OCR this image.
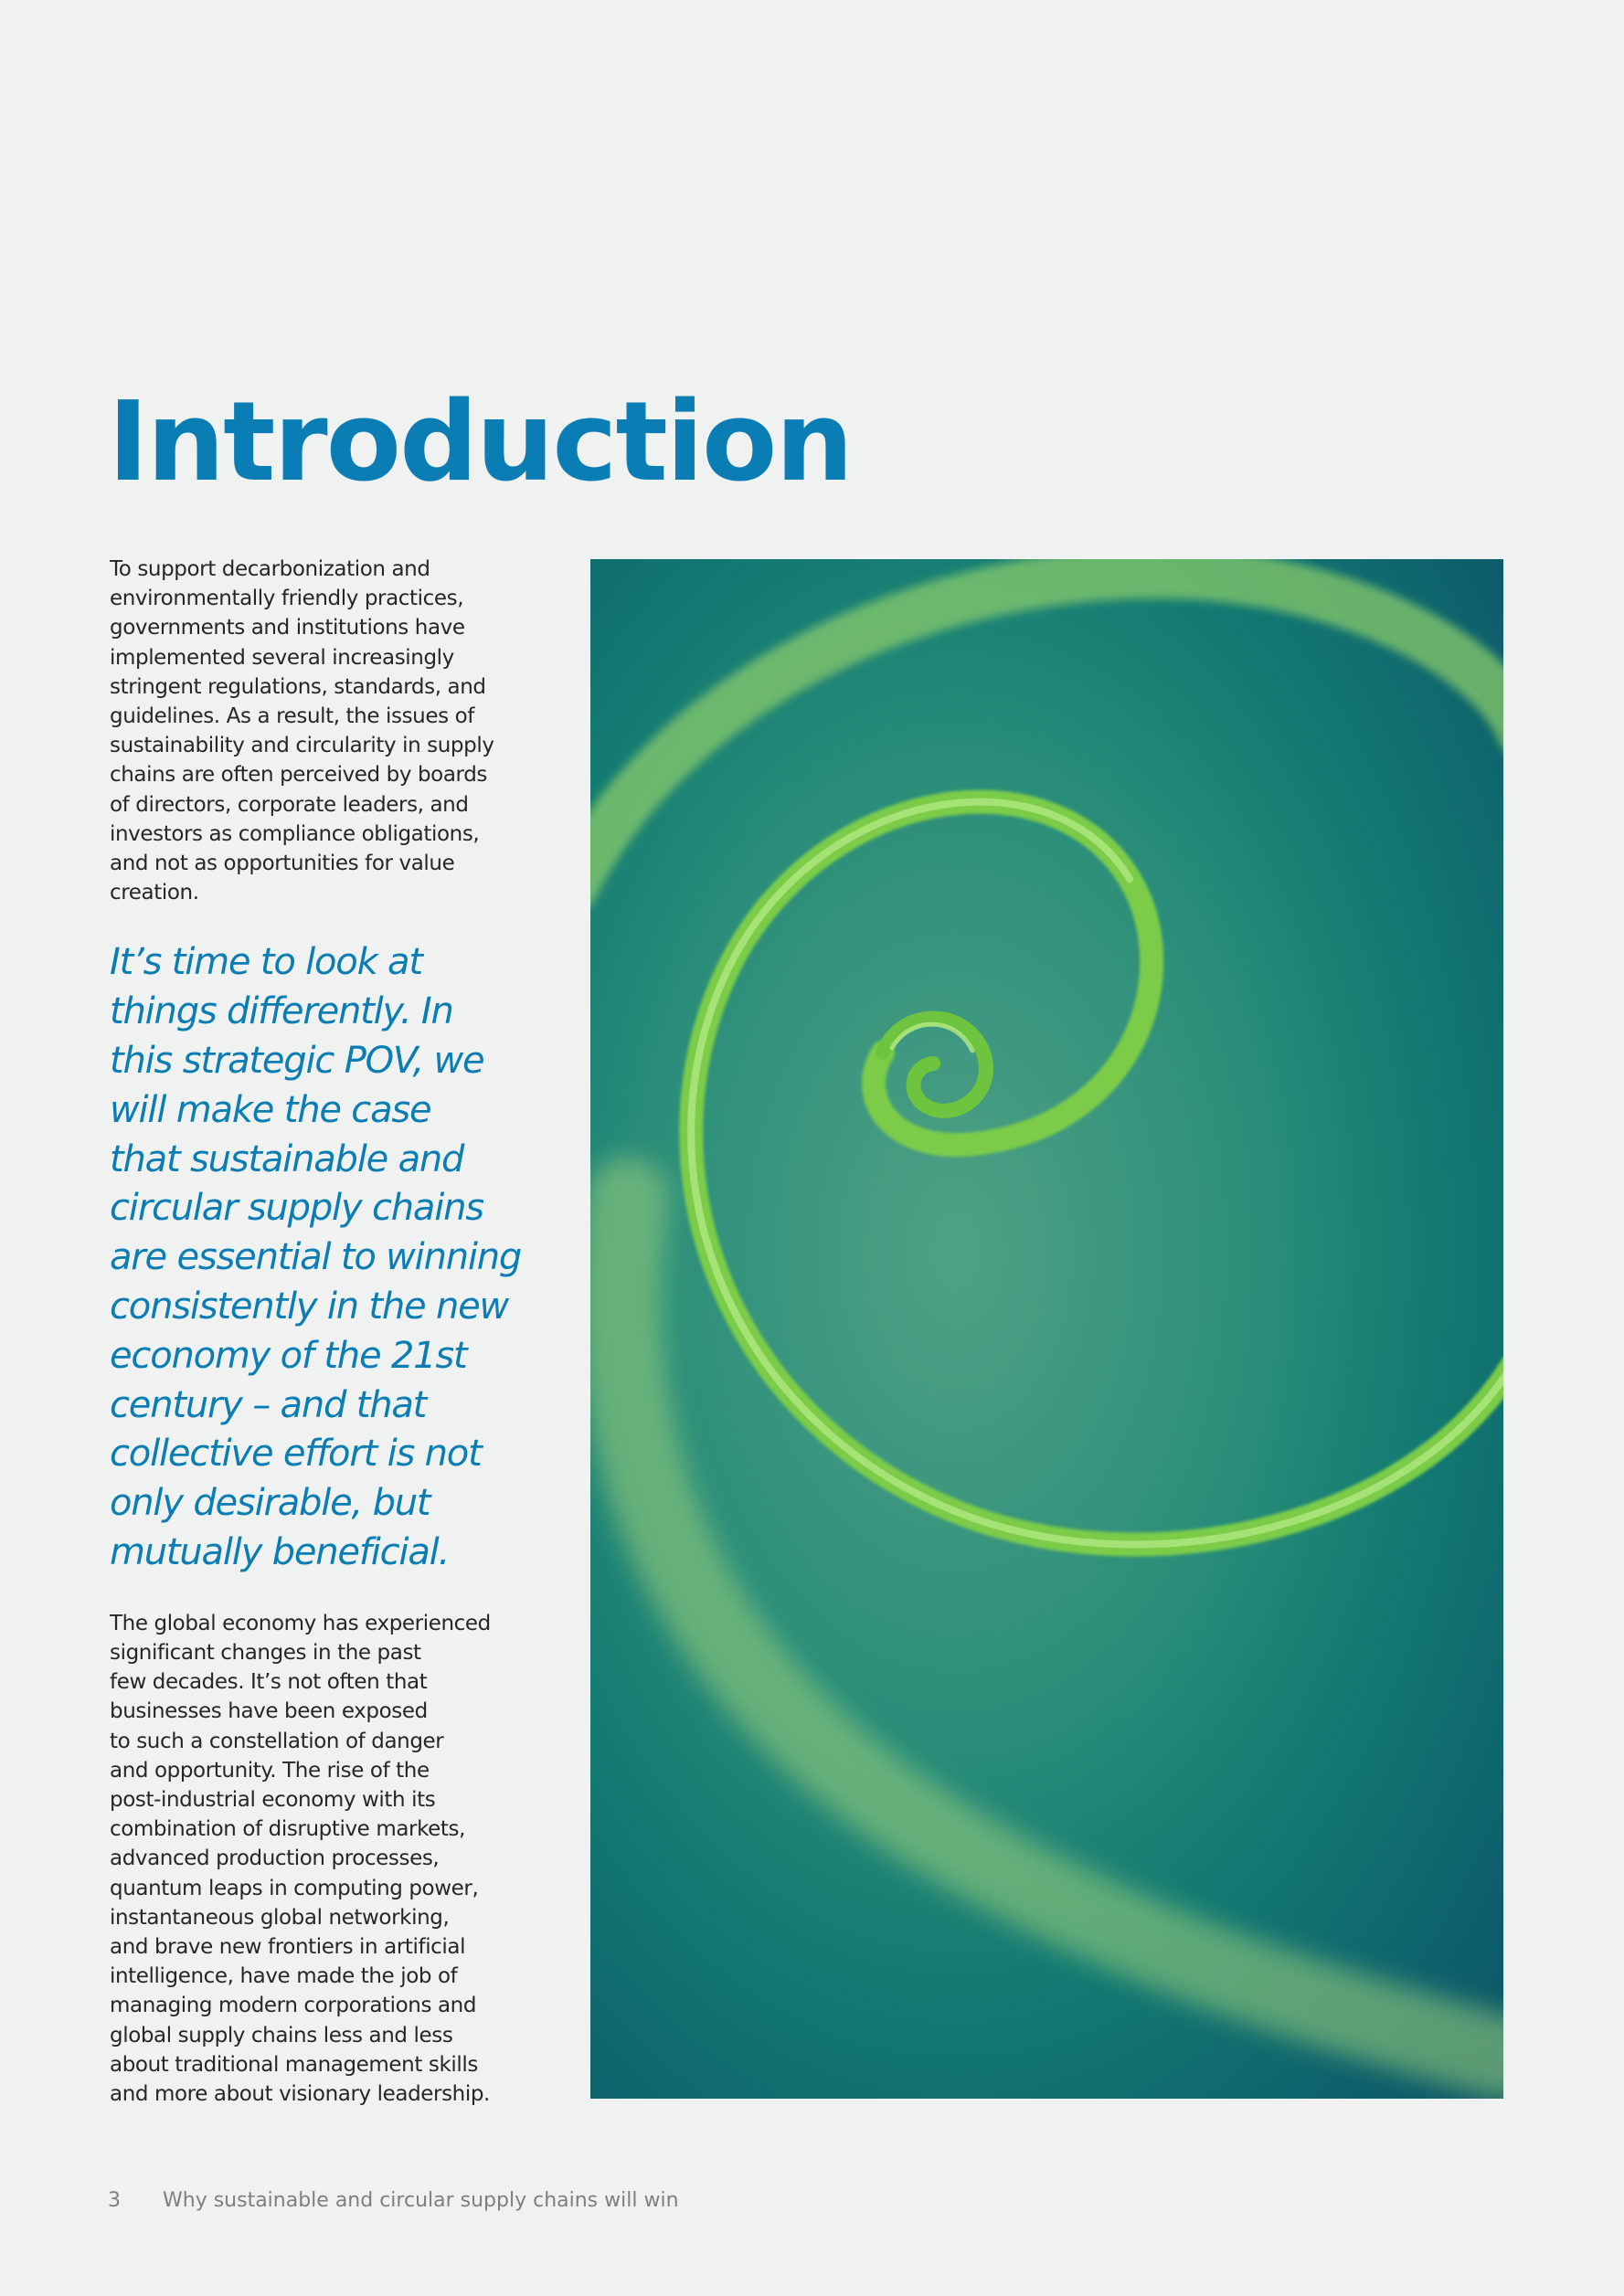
Introduction

To support decarbonization and
environmentally friendly practices,
governments and institutions have
implemented several increasingly
stringent regulations, standards, and
guidelines. As a result, the issues of
sustainability and circularity in supply
chains are often perceived by boards
of directors, corporate leaders, and
investors as compliance obligations,
and not as opportunities for value
creation.

It’s time to look at
things differently. In
this strategic POV, we
will make the case
that sustainable and
circular supply chains
are essential to winning
consistently in the new
economy of the 21st
century – and that
collective effort is not
only desirable, but
mutually beneficial.

The global economy has experienced
significant changes in the past
few decades. It’s not often that
businesses have been exposed
to such a constellation of danger
and opportunity. The rise of the
post-industrial economy with its
combination of disruptive markets,
advanced production processes,
quantum leaps in computing power,
instantaneous global networking,
and brave new frontiers in artificial
intelligence, have made the job of
managing modern corporations and
global supply chains less and less
about traditional management skills
and more about visionary leadership.

3 Why sustainable and circular supply chains will win
